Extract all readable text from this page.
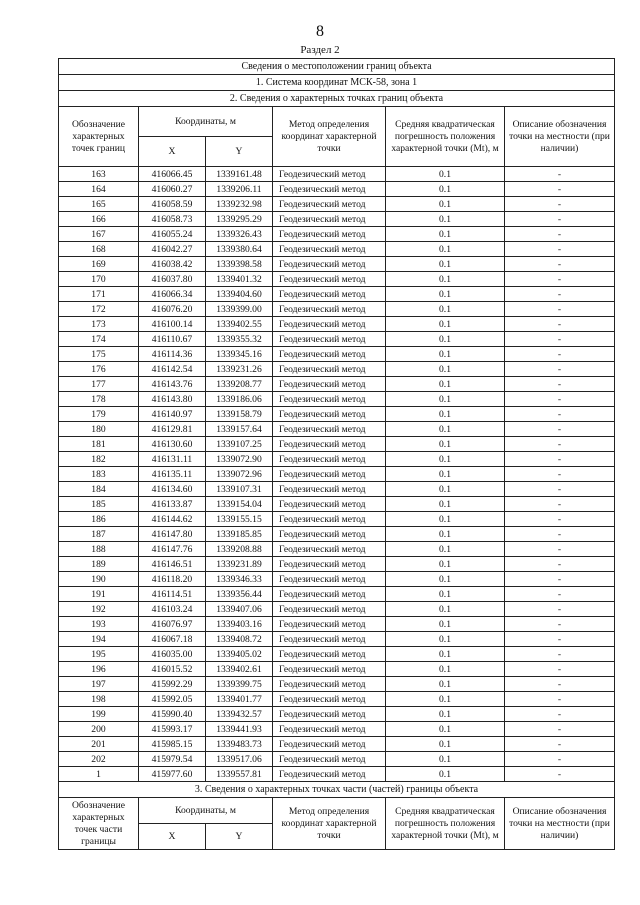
8
Раздел 2
Сведения о местоположении границ объекта					
1. Система координат МСК-58, зона 1					
2. Сведения о характерных точках границ объекта					
Обозначение характерных точек границ	Координаты, м		Метод определения координат характерной точки	Средняя квадратическая погрешность положения характерной точки (Mt), м	Описание обозначения точки на местности (при наличии)
	X	Y			
163	416066.45	1339161.48	Геодезический метод	0.1	-
164	416060.27	1339206.11	Геодезический метод	0.1	-
165	416058.59	1339232.98	Геодезический метод	0.1	-
166	416058.73	1339295.29	Геодезический метод	0.1	-
167	416055.24	1339326.43	Геодезический метод	0.1	-
168	416042.27	1339380.64	Геодезический метод	0.1	-
169	416038.42	1339398.58	Геодезический метод	0.1	-
170	416037.80	1339401.32	Геодезический метод	0.1	-
171	416066.34	1339404.60	Геодезический метод	0.1	-
172	416076.20	1339399.00	Геодезический метод	0.1	-
173	416100.14	1339402.55	Геодезический метод	0.1	-
174	416110.67	1339355.32	Геодезический метод	0.1	-
175	416114.36	1339345.16	Геодезический метод	0.1	-
176	416142.54	1339231.26	Геодезический метод	0.1	-
177	416143.76	1339208.77	Геодезический метод	0.1	-
178	416143.80	1339186.06	Геодезический метод	0.1	-
179	416140.97	1339158.79	Геодезический метод	0.1	-
180	416129.81	1339157.64	Геодезический метод	0.1	-
181	416130.60	1339107.25	Геодезический метод	0.1	-
182	416131.11	1339072.90	Геодезический метод	0.1	-
183	416135.11	1339072.96	Геодезический метод	0.1	-
184	416134.60	1339107.31	Геодезический метод	0.1	-
185	416133.87	1339154.04	Геодезический метод	0.1	-
186	416144.62	1339155.15	Геодезический метод	0.1	-
187	416147.80	1339185.85	Геодезический метод	0.1	-
188	416147.76	1339208.88	Геодезический метод	0.1	-
189	416146.51	1339231.89	Геодезический метод	0.1	-
190	416118.20	1339346.33	Геодезический метод	0.1	-
191	416114.51	1339356.44	Геодезический метод	0.1	-
192	416103.24	1339407.06	Геодезический метод	0.1	-
193	416076.97	1339403.16	Геодезический метод	0.1	-
194	416067.18	1339408.72	Геодезический метод	0.1	-
195	416035.00	1339405.02	Геодезический метод	0.1	-
196	416015.52	1339402.61	Геодезический метод	0.1	-
197	415992.29	1339399.75	Геодезический метод	0.1	-
198	415992.05	1339401.77	Геодезический метод	0.1	-
199	415990.40	1339432.57	Геодезический метод	0.1	-
200	415993.17	1339441.93	Геодезический метод	0.1	-
201	415985.15	1339483.73	Геодезический метод	0.1	-
202	415979.54	1339517.06	Геодезический метод	0.1	-
1	415977.60	1339557.81	Геодезический метод	0.1	-
3. Сведения о характерных точках части (частей) границы объекта					
Обозначение характерных точек части границы	Координаты, м		Метод определения координат характерной точки	Средняя квадратическая погрешность положения характерной точки (Mt), м	Описание обозначения точки на местности (при наличии)
	X	Y			
